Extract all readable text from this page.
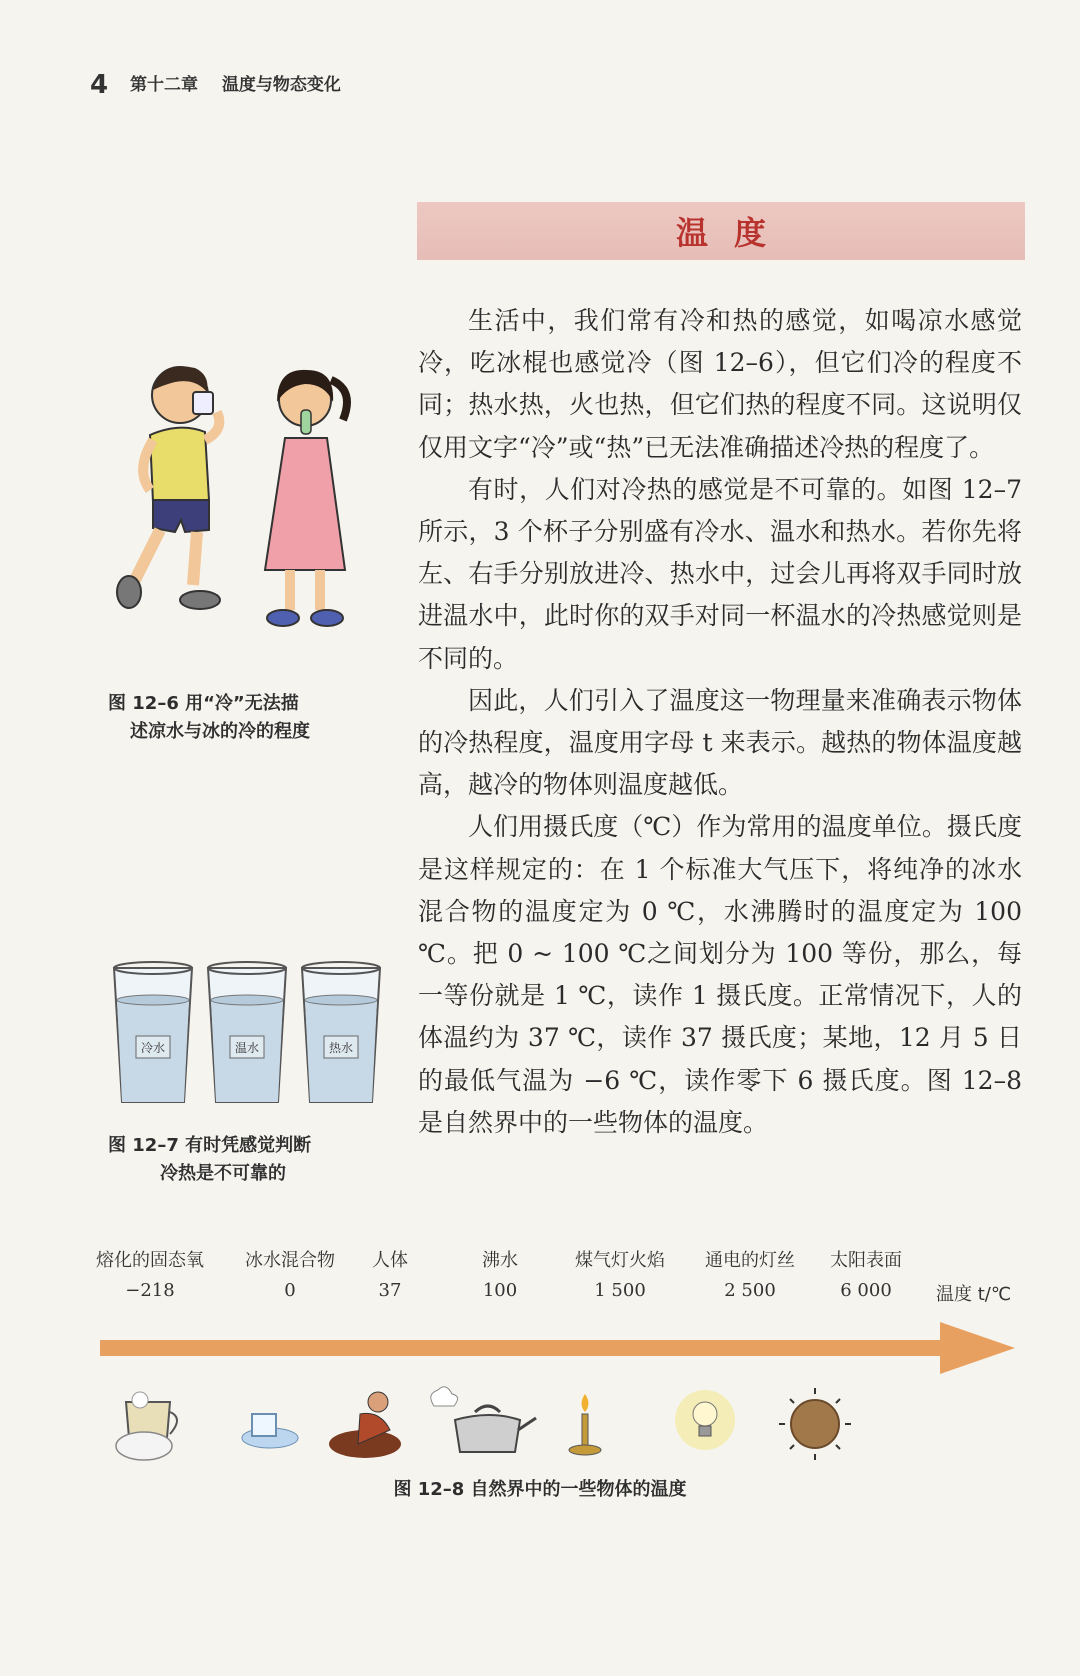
4 第十二章 温度与物态变化
温度

生活中，我们常有冷和热的感觉，如喝凉水感觉冷，吃冰棍也感觉冷（图 12–6），但它们冷的程度不同；热水热，火也热，但它们热的程度不同。这说明仅仅用文字“冷”或“热”已无法准确描述冷热的程度了。

有时，人们对冷热的感觉是不可靠的。如图 12–7 所示，3 个杯子分别盛有冷水、温水和热水。若你先将左、右手分别放进冷、热水中，过会儿再将双手同时放进温水中，此时你的双手对同一杯温水的冷热感觉则是不同的。

因此，人们引入了温度这一物理量来准确表示物体的冷热程度，温度用字母 t 来表示。越热的物体温度越高，越冷的物体则温度越低。

人们用摄氏度（℃）作为常用的温度单位。摄氏度是这样规定的：在 1 个标准大气压下，将纯净的冰水混合物的温度定为 0 ℃，水沸腾时的温度定为 100 ℃。把 0 ~ 100 ℃之间划分为 100 等份，那么，每一等份就是 1 ℃，读作 1 摄氏度。正常情况下，人的体温约为 37 ℃，读作 37 摄氏度；某地，12 月 5 日的最低气温为 −6 ℃，读作零下 6 摄氏度。图 12–8 是自然界中的一些物体的温度。

图 12–6 用“冷”无法描
述凉水与冰的冷的程度
冷水	温水	热水
图 12–7 有时凭感觉判断
冷热是不可靠的
熔化的固态氧
−218
冰水混合物
0
人体
37
沸水
100
煤气灯火焰
1 500
通电的灯丝
2 500
太阳表面
6 000 温度 t/℃
图 12–8 自然界中的一些物体的温度
